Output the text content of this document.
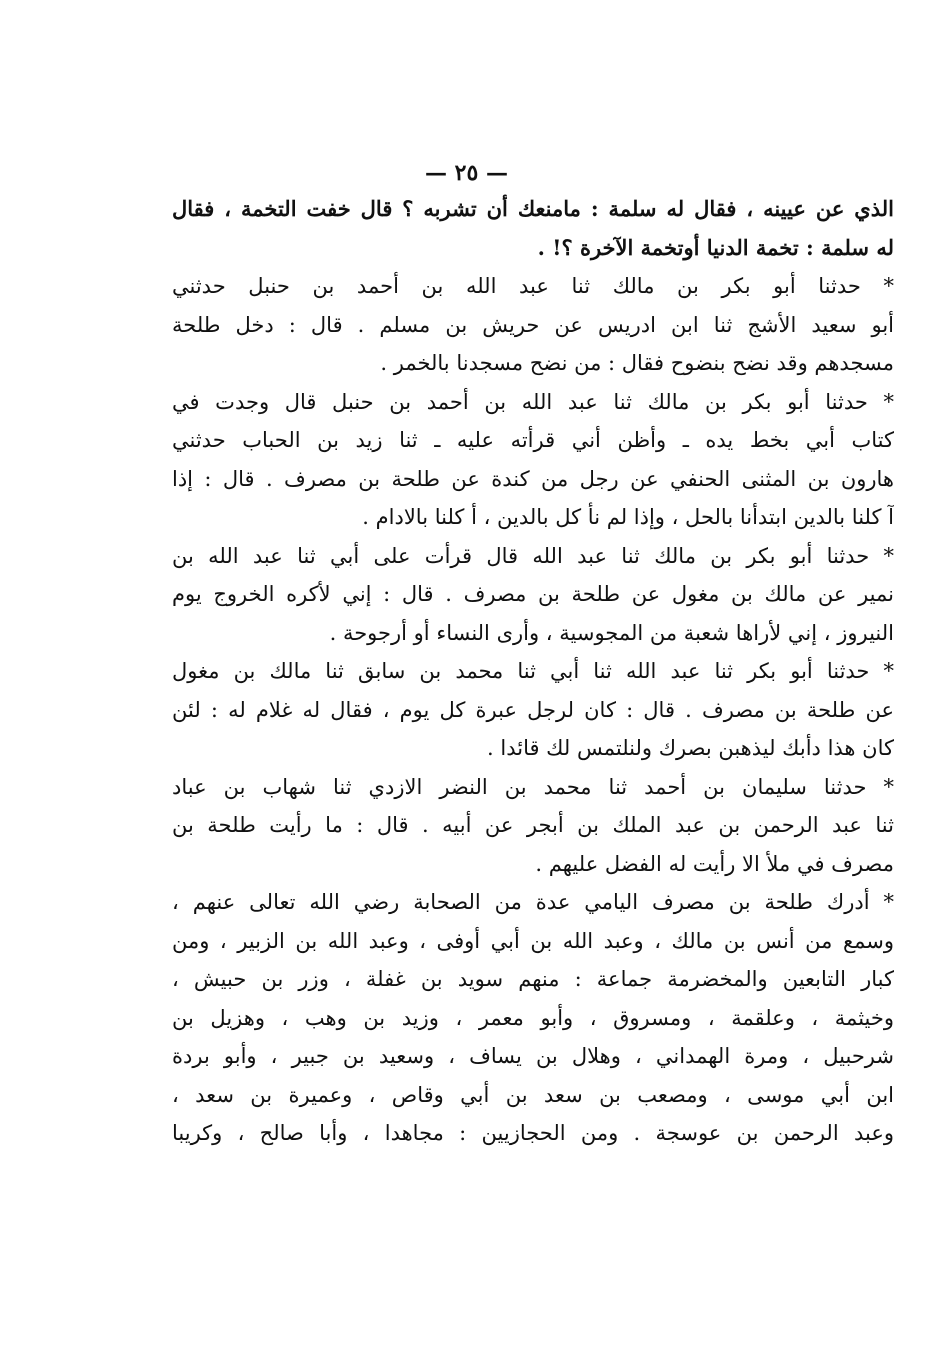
— ٢٥ —
الذي عن عيينه ، فقال له سلمة : مامنعك أن تشربه ؟ قال خفت التخمة ، فقال
له سلمة : تخمة الدنيا أوتخمة الآخرة ؟! .
* حدثنا أبو بكر بن مالك ثنا عبد الله بن أحمد بن حنبل حدثني
أبو سعيد الأشج ثنا ابن ادريس عن حريش بن مسلم . قال : دخل طلحة
مسجدهم وقد نضح بنضوح فقال : من نضح مسجدنا بالخمر .
* حدثنا أبو بكر بن مالك ثنا عبد الله بن أحمد بن حنبل قال وجدت في
كتاب أبي بخط يده ـ وأظن أني قرأته عليه ـ ثنا زيد بن الحباب حدثني
هارون بن المثنى الحنفي عن رجل من كندة عن طلحة بن مصرف . قال : إذا
آ كلنا بالدين ابتدأنا بالحل ، وإذا لم نأ كل بالدين ، أ كلنا بالادام .
* حدثنا أبو بكر بن مالك ثنا عبد الله قال قرأت على أبي ثنا عبد الله بن
نمير عن مالك بن مغول عن طلحة بن مصرف . قال : إني لأكره الخروج يوم
النيروز ، إني لأراها شعبة من المجوسية ، وأرى النساء أو أرجوحة .
* حدثنا أبو بكر ثنا عبد الله ثنا أبي ثنا محمد بن سابق ثنا مالك بن مغول
عن طلحة بن مصرف . قال : كان لرجل عبرة كل يوم ، فقال له غلام له : لئن
كان هذا دأبك ليذهبن بصرك ولنلتمس لك قائدا .
* حدثنا سليمان بن أحمد ثنا محمد بن النضر الازدي ثنا شهاب بن عباد
ثنا عبد الرحمن بن عبد الملك بن أبجر عن أبيه . قال : ما رأيت طلحة بن
مصرف في ملأ الا رأيت له الفضل عليهم .
* أدرك طلحة بن مصرف اليامي عدة من الصحابة رضي الله تعالى عنهم ،
وسمع من أنس بن مالك ، وعبد الله بن أبي أوفى ، وعبد الله بن الزبير ، ومن
كبار التابعين والمخضرمة جماعة : منهم سويد بن غفلة ، وزر بن حبيش ،
وخيثمة ، وعلقمة ، ومسروق ، وأبو معمر ، وزيد بن وهب ، وهزيل بن
شرحبيل ، ومرة الهمداني ، وهلال بن يساف ، وسعيد بن جبير ، وأبو بردة
ابن أبي موسى ، ومصعب بن سعد بن أبي وقاص ، وعميرة بن سعد ،
وعبد الرحمن بن عوسجة . ومن الحجازيين : مجاهدا ، وأبا صالح ، وكريبا
